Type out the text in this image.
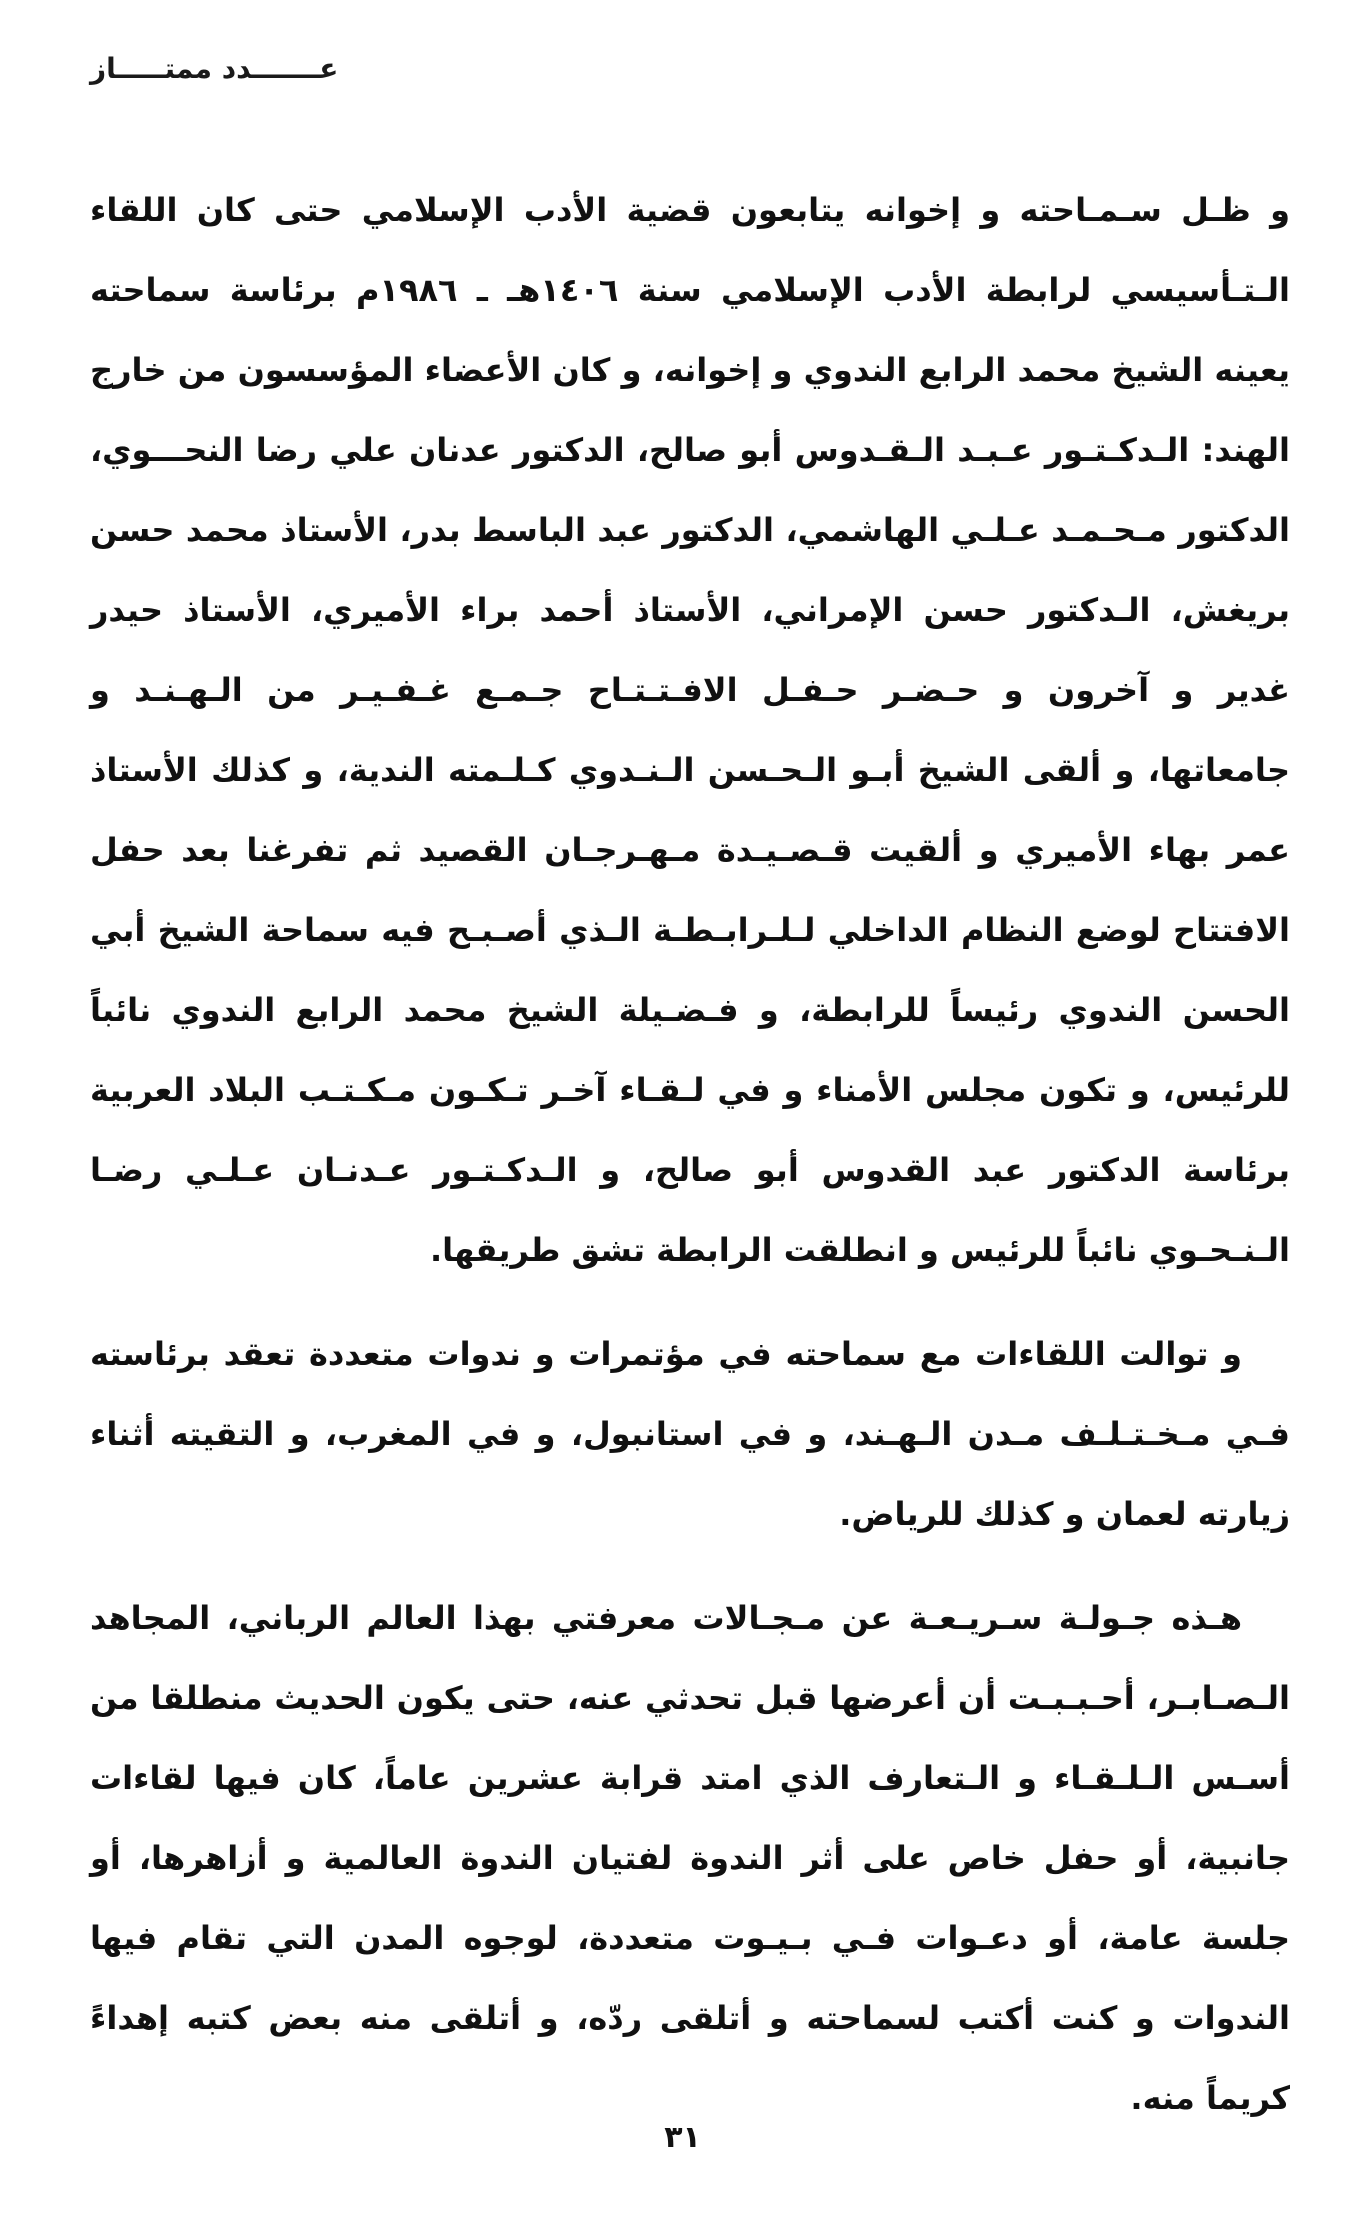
عـــــــدد ممتـــــاز

و ظـل سـمـاحته و إخوانه يتابعون قضية الأدب الإسلامي حتى كان اللقاء الـتـأسيسي لرابطة الأدب الإسلامي سنة ١٤٠٦هـ ـ ١٩٨٦م برئاسة سماحته يعينه الشيخ محمد الرابع الندوي و إخوانه، و كان الأعضاء المؤسسون من خارج الهند: الـدكـتـور عـبـد الـقـدوس أبو صالح، الدكتور عدنان علي رضا النحـــوي، الدكتور مـحـمـد عـلـي الهاشمي، الدكتور عبد الباسط بدر، الأستاذ محمد حسن بريغش، الـدكتور حسن الإمراني، الأستاذ أحمد براء الأميري، الأستاذ حيدر غدير و آخرون و حـضـر حـفـل الافـتـتـاح جـمـع غـفـيـر من الـهـنـد و جامعاتها، و ألقى الشيخ أبـو الـحـسن الـنـدوي كـلـمته الندية، و كذلك الأستاذ عمر بهاء الأميري و ألقيت قـصـيـدة مـهـرجـان القصيد ثم تفرغنا بعد حفل الافتتاح لوضع النظام الداخلي لـلـرابـطـة الـذي أصـبـح فيه سماحة الشيخ أبي الحسن الندوي رئيساً للرابطة، و فـضـيلة الشيخ محمد الرابع الندوي نائباً للرئيس، و تكون مجلس الأمناء و في لـقـاء آخـر تـكـون مـكـتـب البلاد العربية برئاسة الدكتور عبد القدوس أبو صالح، و الـدكـتـور عـدنـان عـلـي رضـا الـنـحـوي نائباً للرئيس و انطلقت الرابطة تشق طريقها.

و توالت اللقاءات مع سماحته في مؤتمرات و ندوات متعددة تعقد برئاسته فـي مـخـتـلـف مـدن الـهـند، و في استانبول، و في المغرب، و التقيته أثناء زيارته لعمان و كذلك للرياض.

هـذه جـولـة سـريـعـة عن مـجـالات معرفتي بهذا العالم الرباني، المجاهد الـصـابـر، أحـبـبـت أن أعرضها قبل تحدثي عنه، حتى يكون الحديث منطلقا من أسـس الـلـقـاء و الـتعارف الذي امتد قرابة عشرين عاماً، كان فيها لقاءات جانبية، أو حفل خاص على أثر الندوة لفتيان الندوة العالمية و أزاهرها، أو جلسة عامة، أو دعـوات فـي بـيـوت متعددة، لوجوه المدن التي تقام فيها الندوات و كنت أكتب لسماحته و أتلقى ردّه، و أتلقى منه بعض كتبه إهداءً كريماً منه.

٣١
